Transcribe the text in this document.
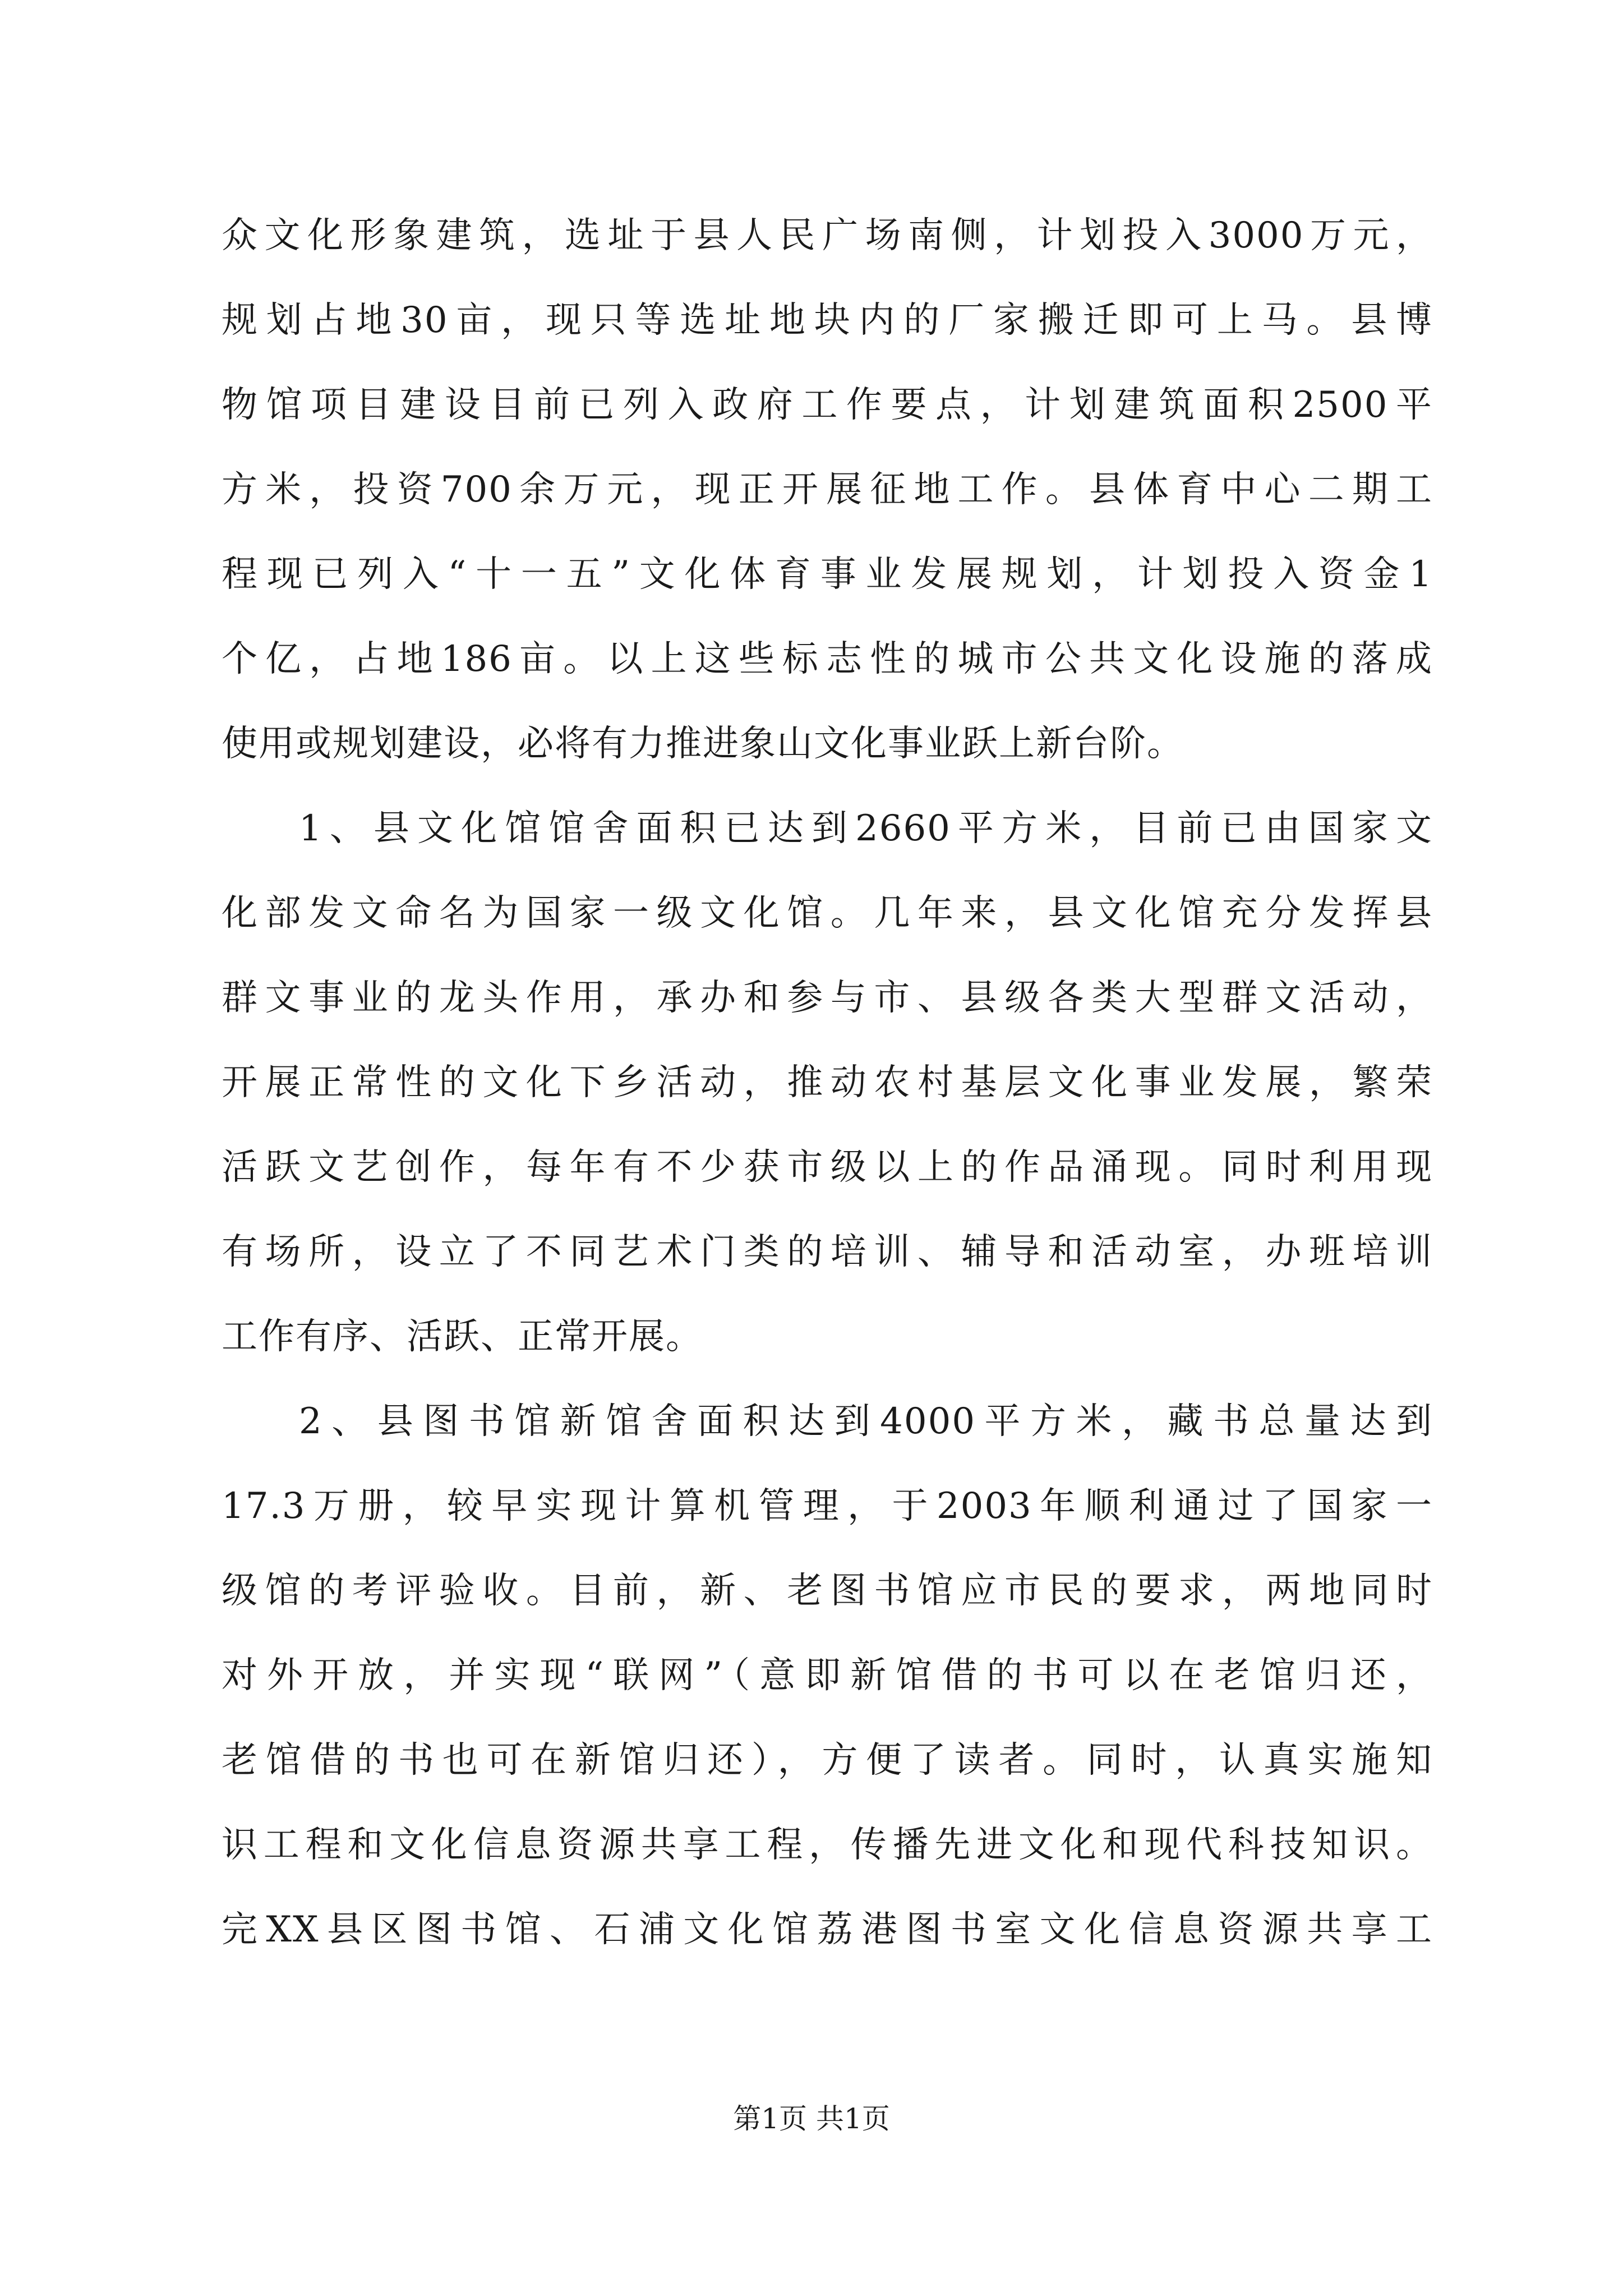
众文化形象建筑，选址于县人民广场南侧，计划投入3000万元，
规划占地30亩，现只等选址地块内的厂家搬迁即可上马。县博
物馆项目建设目前已列入政府工作要点，计划建筑面积2500平
方米，投资700余万元，现正开展征地工作。县体育中心二期工
程现已列入“十一五”文化体育事业发展规划，计划投入资金1
个亿，占地186亩。以上这些标志性的城市公共文化设施的落成
使用或规划建设，必将有力推进象山文化事业跃上新台阶。
1、县文化馆馆舍面积已达到2660平方米，目前已由国家文
化部发文命名为国家一级文化馆。几年来，县文化馆充分发挥县
群文事业的龙头作用，承办和参与市、县级各类大型群文活动，
开展正常性的文化下乡活动，推动农村基层文化事业发展，繁荣
活跃文艺创作，每年有不少获市级以上的作品涌现。同时利用现
有场所，设立了不同艺术门类的培训、辅导和活动室，办班培训
工作有序、活跃、正常开展。
2、县图书馆新馆舍面积达到4000平方米，藏书总量达到
17.3万册，较早实现计算机管理，于2003年顺利通过了国家一
级馆的考评验收。目前，新、老图书馆应市民的要求，两地同时
对外开放，并实现“联网”（意即新馆借的书可以在老馆归还，
老馆借的书也可在新馆归还），方便了读者。同时，认真实施知
识工程和文化信息资源共享工程，传播先进文化和现代科技知识。
完XX县区图书馆、石浦文化馆荔港图书室文化信息资源共享工
第1页 共1页
